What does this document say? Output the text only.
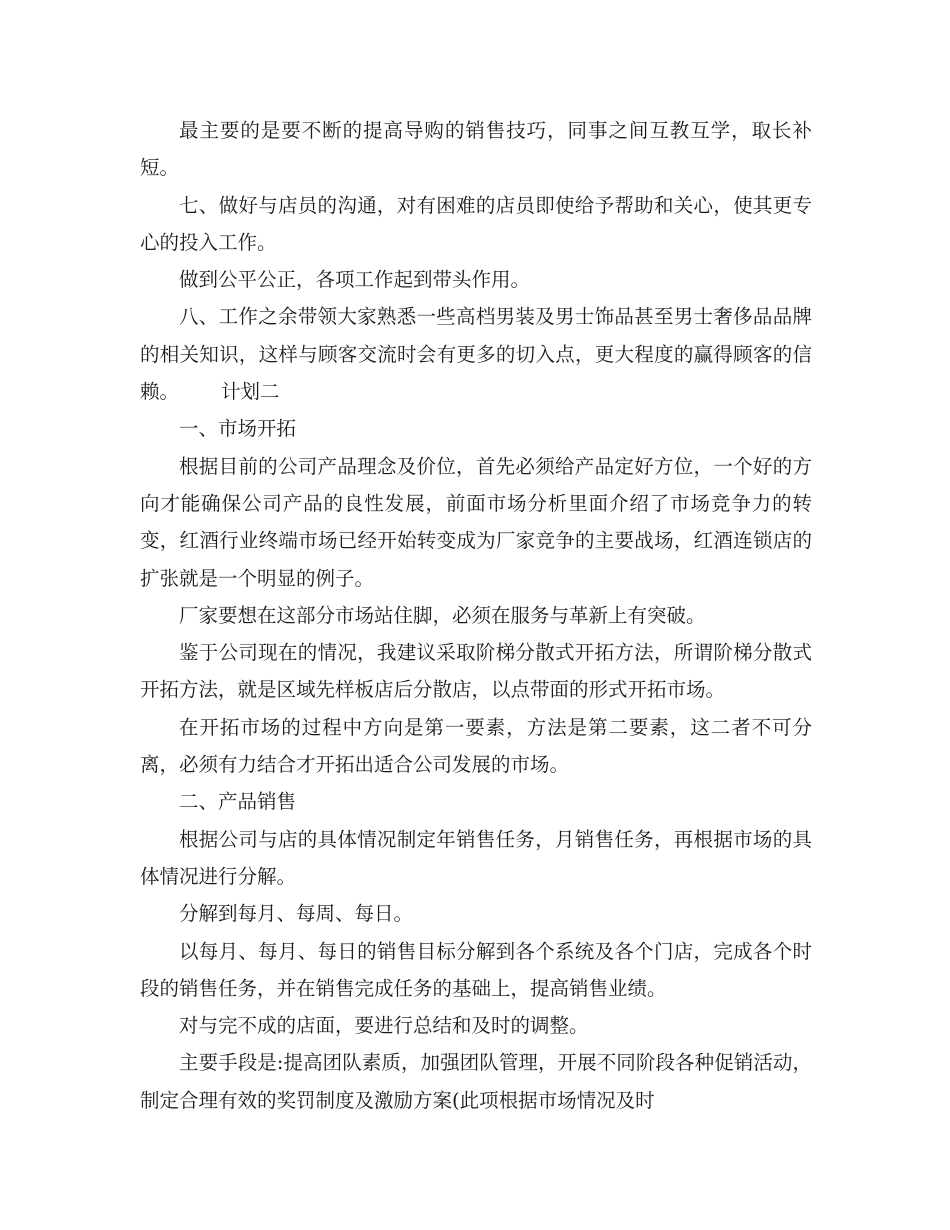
最主要的是要不断的提高导购的销售技巧，同事之间互教互学，取长补短。

七、做好与店员的沟通，对有困难的店员即使给予帮助和关心，使其更专心的投入工作。

做到公平公正，各项工作起到带头作用。

八、工作之余带领大家熟悉一些高档男装及男士饰品甚至男士奢侈品品牌的相关知识，这样与顾客交流时会有更多的切入点，更大程度的赢得顾客的信赖。 计划二

一、市场开拓

根据目前的公司产品理念及价位，首先必须给产品定好方位，一个好的方向才能确保公司产品的良性发展，前面市场分析里面介绍了市场竞争力的转变，红酒行业终端市场已经开始转变成为厂家竞争的主要战场，红酒连锁店的扩张就是一个明显的例子。

厂家要想在这部分市场站住脚，必须在服务与革新上有突破。

鉴于公司现在的情况，我建议采取阶梯分散式开拓方法，所谓阶梯分散式开拓方法，就是区域先样板店后分散店，以点带面的形式开拓市场。

在开拓市场的过程中方向是第一要素，方法是第二要素，这二者不可分离，必须有力结合才开拓出适合公司发展的市场。

二、产品销售

根据公司与店的具体情况制定年销售任务，月销售任务，再根据市场的具体情况进行分解。

分解到每月、每周、每日。

以每月、每月、每日的销售目标分解到各个系统及各个门店，完成各个时段的销售任务，并在销售完成任务的基础上，提高销售业绩。

对与完不成的店面，要进行总结和及时的调整。

主要手段是:提高团队素质，加强团队管理，开展不同阶段各种促销活动，制定合理有效的奖罚制度及激励方案(此项根据市场情况及时
